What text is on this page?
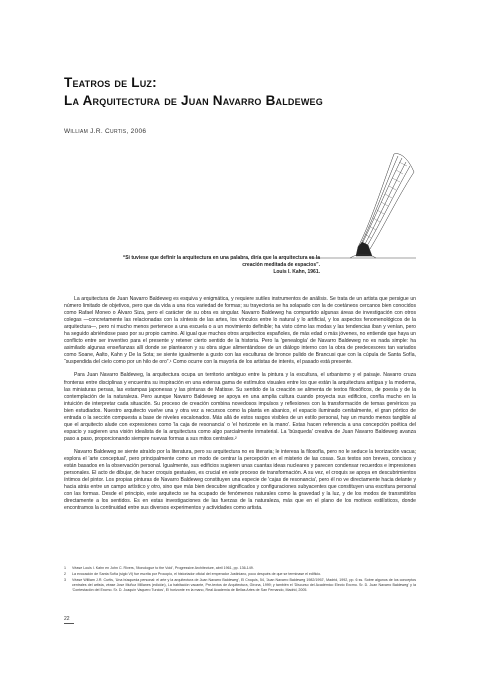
Teatros de Luz:
La Arquitectura de Juan Navarro Baldeweg
William J.R. Curtis, 2006
“Si tuviese que definir la arquitectura en una palabra, diría que la arquitectura es la creación meditada de espacios”.
Louis I. Kahn, 1961.

La arquitectura de Juan Navarro Baldeweg es esquiva y enigmática, y requiere sutiles instrumentos de análisis. Se trata de un artista que persigue un número limitado de objetivos, pero que da vida a una rica variedad de formas; su trayectoria se ha solapado con la de coetáneos cercanos bien conocidos como Rafael Moneo o Álvaro Siza, pero el carácter de su obra es singular. Navarro Baldeweg ha compartido algunas áreas de investigación con otros colegas —concretamente las relacionadas con la síntesis de las artes, los vínculos entre lo natural y lo artificial, y los aspectos fenomenológicos de la arquitectura—, pero ni mucho menos pertenece a una escuela o a un movimiento definible; ha visto cómo las modas y las tendencias iban y venían, pero ha seguido abriéndose paso por su propio camino. Al igual que muchos otros arquitectos españoles, de más edad o más jóvenes, no entiende que haya un conflicto entre ser inventivo para el presente y retener cierto sentido de la historia. Pero la 'genealogía' de Navarro Baldeweg no es nada simple: ha asimilado algunas enseñanzas allí donde se plantearon y su obra sigue alimentándose de un diálogo interno con la obra de predecesores tan variados como Soane, Aalto, Kahn y De la Sota; se siente igualmente a gusto con las esculturas de bronce pulido de Brancusi que con la cúpula de Santa Sofía, “suspendida del cielo como por un hilo de oro”.¹ Como ocurre con la mayoría de los artistas de interés, el pasado está presente.

Para Juan Navarro Baldeweg, la arquitectura ocupa un territorio ambiguo entre la pintura y la escultura, el urbanismo y el paisaje. Navarro cruza fronteras entre disciplinas y encuentra su inspiración en una extensa gama de estímulos visuales entre los que están la arquitectura antigua y la moderna, las miniaturas persas, las estampas japonesas y las pinturas de Matisse. Su sentido de la creación se alimenta de textos filosóficos, de poesía y de la contemplación de la naturaleza. Pero aunque Navarro Baldeweg se apoya en una amplia cultura cuando proyecta sus edificios, confía mucho en la intuición de interpretar cada situación. Su proceso de creación combina novedosos impulsos y reflexiones con la transformación de temas genéricos ya bien estudiados. Nuestro arquitecto vuelve una y otra vez a recursos como la planta en abanico, el espacio iluminado cenitalmente, el gran pórtico de entrada o la sección compuesta a base de niveles escalonados. Más allá de estos rasgos visibles de un estilo personal, hay un mundo menos tangible al que el arquitecto alude con expresiones como 'la caja de resonancia' o 'el horizonte en la mano'. Estas hacen referencia a una concepción poética del espacio y sugieren una visión idealista de la arquitectura como algo parcialmente inmaterial. La 'búsqueda' creativa de Juan Navarro Baldeweg avanza paso a paso, proporcionando siempre nuevas formas a sus mitos centrales.²

Navarro Baldeweg se siente atraído por la literatura, pero su arquitectura no es literaria; le interesa la filosofía, pero no le seduce la teorización vacua; explora el 'arte conceptual', pero principalmente como un modo de centrar la percepción en el misterio de las cosas. Sus textos son breves, concisos y están basados en la observación personal. Igualmente, sus edificios sugieren unas cuantas ideas nucleares y parecen condensar recuerdos e impresiones personales. El acto de dibujar, de hacer croquis gestuales, es crucial en este proceso de transformación. A su vez, el croquis se apoya en descubrimientos íntimos del pintor. Los propias pinturas de Navarro Baldeweg constituyen una especie de 'cajas de resonancia', pero él no ve directamente hacia delante y hacia atrás entre un campo artístico y otro, sino que más bien descubre significados y configuraciones subyacentes que constituyen una escritura personal con las formas. Desde el principio, este arquitecto se ha ocupado de fenómenos naturales como la gravedad y la luz, y de los modos de transmitirlos directamente a los sentidos. Es en estas investigaciones de las fuerzas de la naturaleza, más que en el plano de los motivos estilísticos, donde encontramos la continuidad entre sus diversos experimentos y actividades como artista.

1	Véase Louis I. Kahn en John C. Rivers, 'Monologue to the Void', Progressive Architecture, abril 1961, pp. 136-149.
2	La evocación de Santa Sofía (siglo VI) fue escrita por Procopio, el historiador oficial del emperador Justiniano, poco después de que se terminase el edificio.
3	Véase William J.R. Curtis, 'Una búsqueda personal: el arte y la arquitectura de Juan Navarro Baldeweg', El Croquis, 54, 'Juan Navarro Baldeweg 1982/1992', Madrid, 1992, pp. 6 ss. Sobre algunos de los conceptos centrales del artista, véase Jose Muñoz Millanes (edición), La habitación vacante, Pre-textos de Arquitectura, Girona, 1999; y también el 'Discurso del Académico Electo Excmo. Sr. D. Juan Navarro Baldeweg' y la 'Contestación del Excmo. Sr. D. Joaquín Vaquero Turcios', El horizonte en la mano, Real Academia de Bellas Artes de San Fernando, Madrid, 2005.
22
